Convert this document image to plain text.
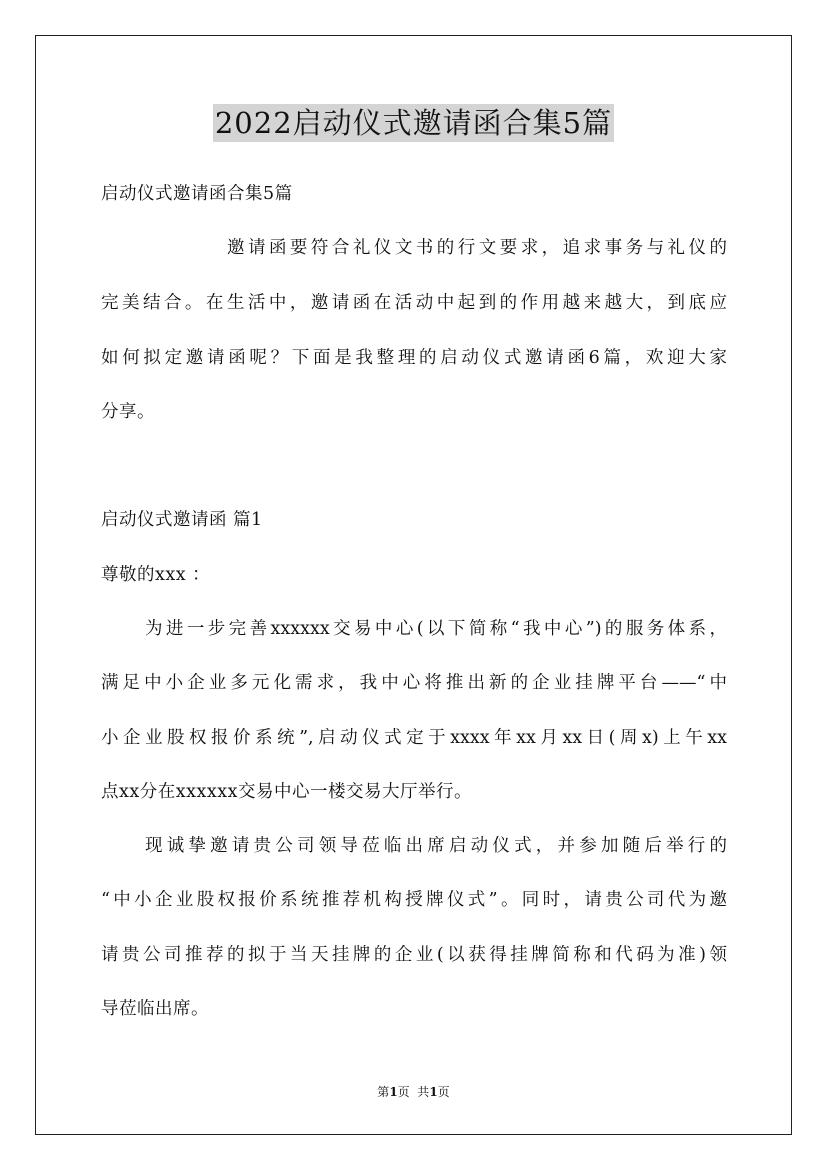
2022启动仪式邀请函合集5篇
启动仪式邀请函合集5篇
邀请函要符合礼仪文书的行文要求，追求事务与礼仪的
完美结合。在生活中，邀请函在活动中起到的作用越来越大，到底应
如何拟定邀请函呢？下面是我整理的启动仪式邀请函6篇，欢迎大家
分享。
启动仪式邀请函 篇1
尊敬的xxx ：
为进一步完善xxxxxx交易中心(以下简称“我中心”)的服务体系，
满足中小企业多元化需求，我中心将推出新的企业挂牌平台——“中
小企业股权报价系统”,启动仪式定于xxxx年xx月xx日(周x)上午xx
点xx分在xxxxxx交易中心一楼交易大厅举行。
现诚挚邀请贵公司领导莅临出席启动仪式，并参加随后举行的
“中小企业股权报价系统推荐机构授牌仪式”。同时，请贵公司代为邀
请贵公司推荐的拟于当天挂牌的企业(以获得挂牌简称和代码为准)领
导莅临出席。
第1页  共1页
